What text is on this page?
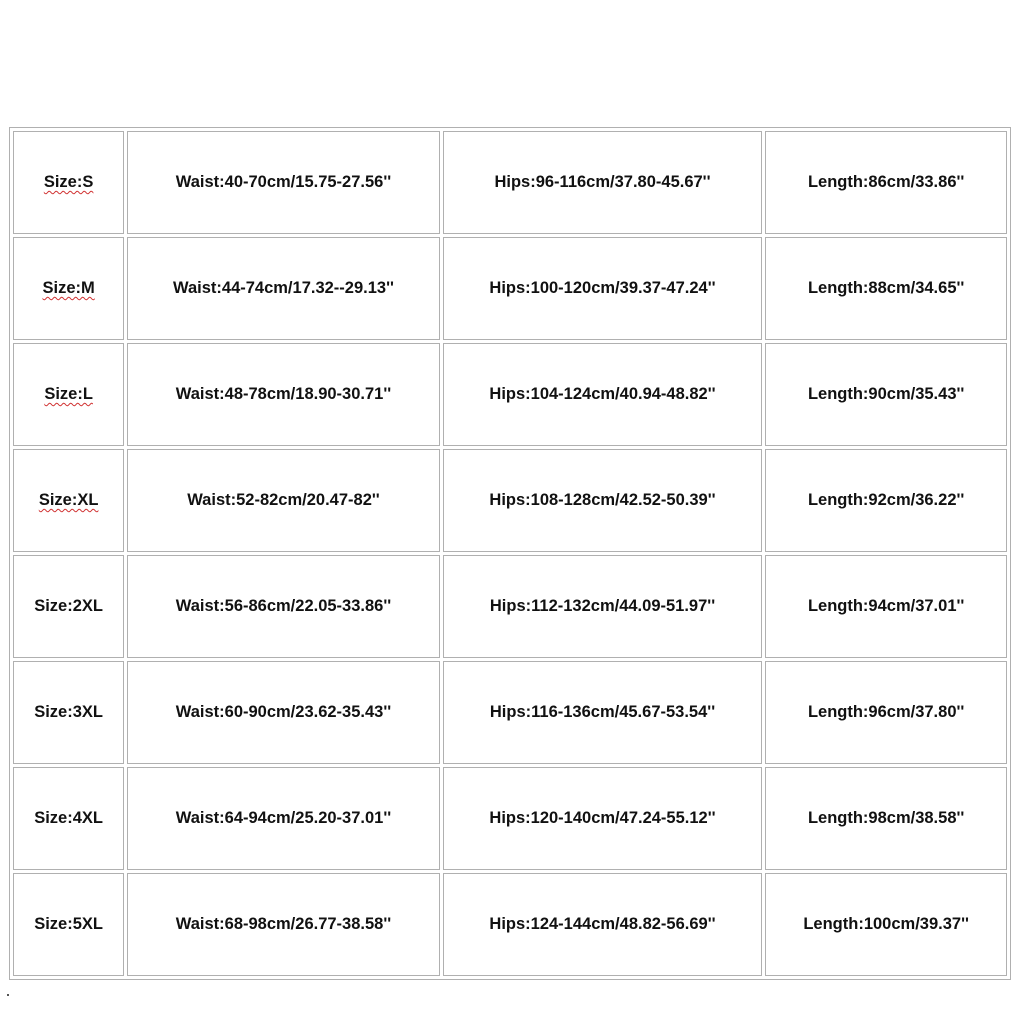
Size:S	Waist:40-70cm/15.75-27.56''	Hips:96-116cm/37.80-45.67''	Length:86cm/33.86''
Size:M	Waist:44-74cm/17.32--29.13''	Hips:100-120cm/39.37-47.24''	Length:88cm/34.65''
Size:L	Waist:48-78cm/18.90-30.71''	Hips:104-124cm/40.94-48.82''	Length:90cm/35.43''
Size:XL	Waist:52-82cm/20.47-82''	Hips:108-128cm/42.52-50.39''	Length:92cm/36.22''
Size:2XL	Waist:56-86cm/22.05-33.86''	Hips:112-132cm/44.09-51.97''	Length:94cm/37.01''
Size:3XL	Waist:60-90cm/23.62-35.43''	Hips:116-136cm/45.67-53.54''	Length:96cm/37.80''
Size:4XL	Waist:64-94cm/25.20-37.01''	Hips:120-140cm/47.24-55.12''	Length:98cm/38.58''
Size:5XL	Waist:68-98cm/26.77-38.58''	Hips:124-144cm/48.82-56.69''	Length:100cm/39.37''
